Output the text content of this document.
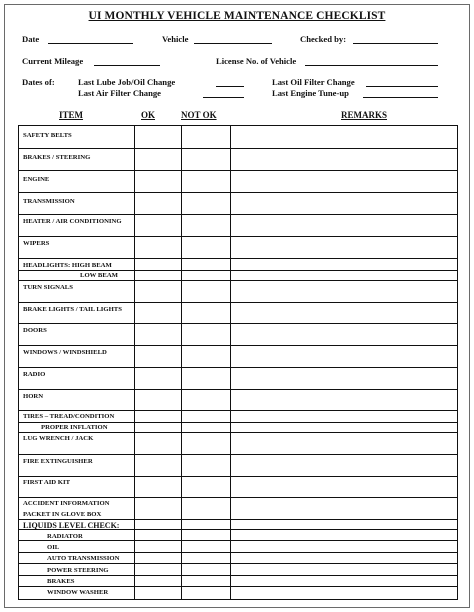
UI MONTHLY VEHICLE MAINTENANCE CHECKLIST
Date	Vehicle	Checked by:
Current Mileage	License No. of Vehicle
Dates of:	Last Lube Job/Oil Change	Last Oil Filter Change
Last Air Filter Change	Last Engine Tune-up
ITEM	OK	NOT OK	REMARKS
SAFETY BELTS
BRAKES / STEERING
ENGINE
TRANSMISSION
HEATER / AIR CONDITIONING
WIPERS
HEADLIGHTS: HIGH BEAM
LOW BEAM
TURN SIGNALS
BRAKE LIGHTS / TAIL LIGHTS
DOORS
WINDOWS / WINDSHIELD
RADIO
HORN
TIRES – TREAD/CONDITION
PROPER INFLATION
LUG WRENCH / JACK
FIRE EXTINGUISHER
FIRST AID KIT
ACCIDENT INFORMATION
PACKET IN GLOVE BOX
LIQUIDS LEVEL CHECK:
RADIATOR
OIL
AUTO TRANSMISSION
POWER STEERING
BRAKES
WINDOW WASHER
